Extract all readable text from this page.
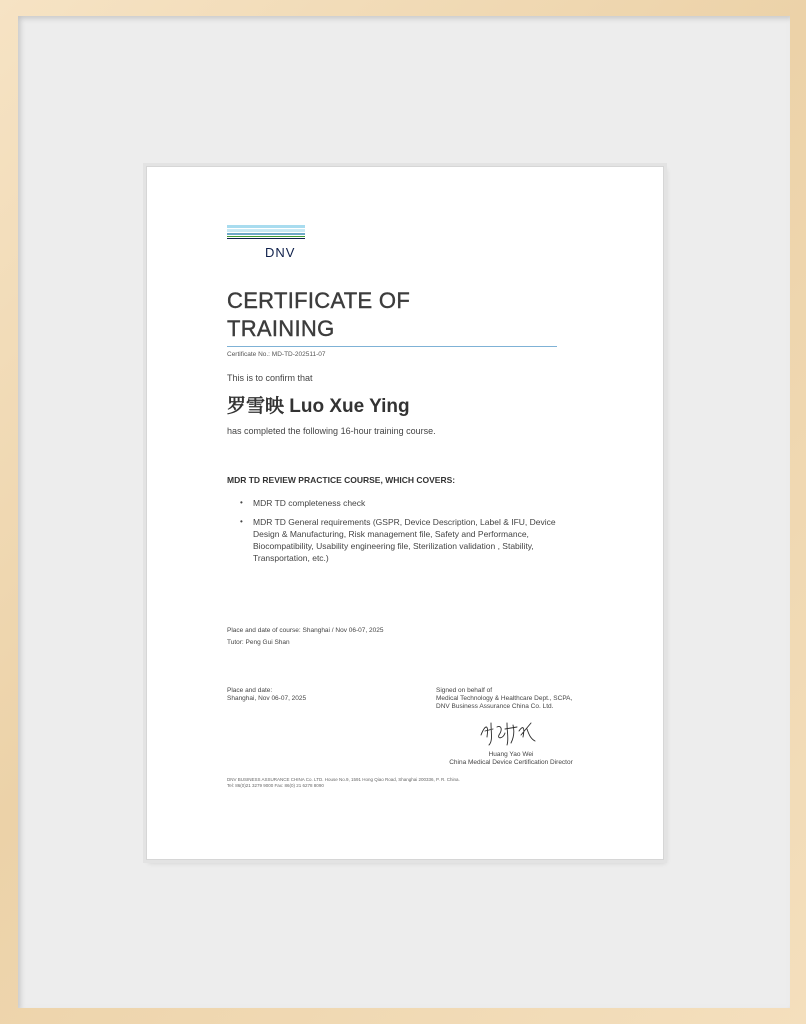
DNV
CERTIFICATE OF
TRAINING
Certificate No.: MD-TD-202511-07
This is to confirm that
罗雪映 Luo Xue Ying
has completed the following 16-hour training course.
MDR TD REVIEW PRACTICE COURSE, WHICH COVERS:
• MDR TD completeness check
• MDR TD General requirements (GSPR, Device Description, Label & IFU, Device Design & Manufacturing, Risk management file, Safety and Performance, Biocompatibility, Usability engineering file, Sterilization validation , Stability, Transportation, etc.)
Place and date of course: Shanghai / Nov 06-07, 2025
Tutor: Peng Gui Shan
Place and date:
Shanghai, Nov 06-07, 2025
Signed on behalf of
Medical Technology & Healthcare Dept., SCPA,
DNV Business Assurance China Co. Ltd.
Huang Yao Wei
China Medical Device Certification Director
DNV BUSINESS ASSURANCE CHINA Co. LTD. House No.9, 1591 Hong Qiao Road, Shanghai 200336, P. R. China.
Tel: 86(0)21 3279 9000 Fax: 86(0) 21 6278 8090
